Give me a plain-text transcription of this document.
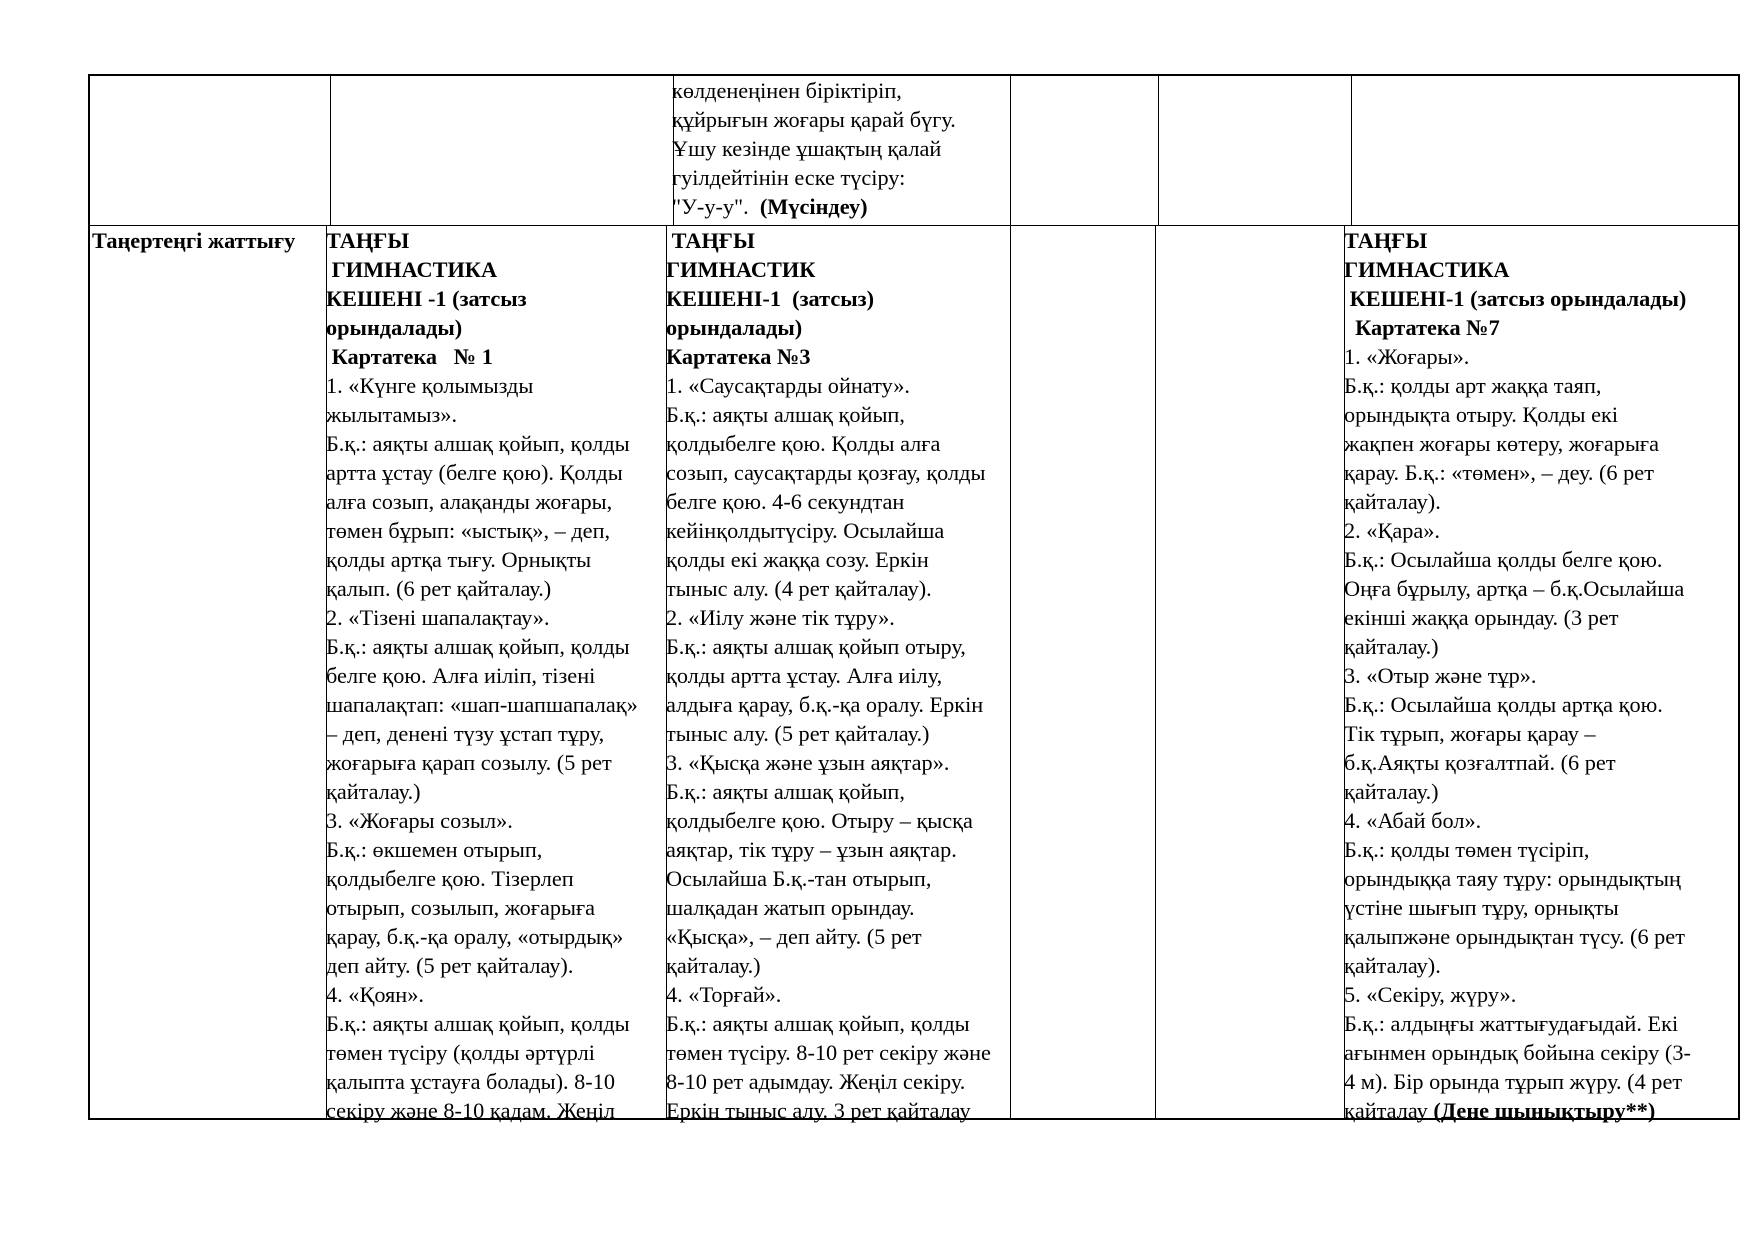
көлденеңінен біріктіріп,
құйрығын жоғары қарай бүгу.
Ұшу кезінде ұшақтың қалай
гуілдейтінін еске түсіру:
"У-у-у".  (Мүсіндеу)
Таңертеңгі жаттығу	ТАҢҒЫ
ГИМНАСТИКА
КЕШЕНІ -1 (затсыз
орындалады)
Картатека   № 1
1. «Күнге қолымызды
жылытамыз».
Б.қ.: аяқты алшақ қойып, қолды
артта ұстау (белге қою). Қолды
алға созып, алақанды жоғары,
төмен бұрып: «ыстық», – деп,
қолды артқа тығу. Орнықты
қалып. (6 рет қайталау.)
2. «Тізені шапалақтау».
Б.қ.: аяқты алшақ қойып, қолды
белге қою. Алға иіліп, тізені
шапалақтап: «шап-шапшапалақ»
– деп, денені түзу ұстап тұру,
жоғарыға қарап созылу. (5 рет
қайталау.)
3. «Жоғары созыл».
Б.қ.: өкшемен отырып,
қолдыбелге қою. Тізерлеп
отырып, созылып, жоғарыға
қарау, б.қ.-қа оралу, «отырдық»
деп айту. (5 рет қайталау).
4. «Қоян».
Б.қ.: аяқты алшақ қойып, қолды
төмен түсіру (қолды әртүрлі
қалыпта ұстауға болады). 8-10
секіру және 8-10 қадам. Жеңіл
ТАҢҒЫ
ГИМНАСТИК
КЕШЕНІ-1  (затсыз)
орындалады)
Картатека №3
1. «Саусақтарды ойнату».
Б.қ.: аяқты алшақ қойып,
қолдыбелге қою. Қолды алға
созып, саусақтарды қозғау, қолды
белге қою. 4-6 секундтан
кейінқолдытүсіру. Осылайша
қолды екі жаққа созу. Еркін
тыныс алу. (4 рет қайталау).
2. «Иілу және тік тұру».
Б.қ.: аяқты алшақ қойып отыру,
қолды артта ұстау. Алға иілу,
алдыға қарау, б.қ.-қа оралу. Еркін
тыныс алу. (5 рет қайталау.)
3. «Қысқа және ұзын аяқтар».
Б.қ.: аяқты алшақ қойып,
қолдыбелге қою. Отыру – қысқа
аяқтар, тік тұру – ұзын аяқтар.
Осылайша Б.қ.-тан отырып,
шалқадан жатып орындау.
«Қысқа», – деп айту. (5 рет
қайталау.)
4. «Торғай».
Б.қ.: аяқты алшақ қойып, қолды
төмен түсіру. 8-10 рет секіру және
8-10 рет адымдау. Жеңіл секіру.
Еркін тыныс алу. 3 рет қайталау
ТАҢҒЫ
ГИМНАСТИКА
КЕШЕНІ-1 (затсыз орындалады)
Картатека №7
1. «Жоғары».
Б.қ.: қолды арт жаққа таяп,
орындықта отыру. Қолды екі
жақпен жоғары көтеру, жоғарыға
қарау. Б.қ.: «төмен», – деу. (6 рет
қайталау).
2. «Қара».
Б.қ.: Осылайша қолды белге қою.
Оңға бұрылу, артқа – б.қ.Осылайша
екінші жаққа орындау. (3 рет
қайталау.)
3. «Отыр және тұр».
Б.қ.: Осылайша қолды артқа қою.
Тік тұрып, жоғары қарау –
б.қ.Аяқты қозғалтпай. (6 рет
қайталау.)
4. «Абай бол».
Б.қ.: қолды төмен түсіріп,
орындыққа таяу тұру: орындықтың
үстіне шығып тұру, орнықты
қалыпжәне орындықтан түсу. (6 рет
қайталау).
5. «Секіру, жүру».
Б.қ.: алдыңғы жаттығудағыдай. Екі
ағынмен орындық бойына секіру (3-
4 м). Бір орында тұрып жүру. (4 рет
қайталау (Дене шынықтыру**)
